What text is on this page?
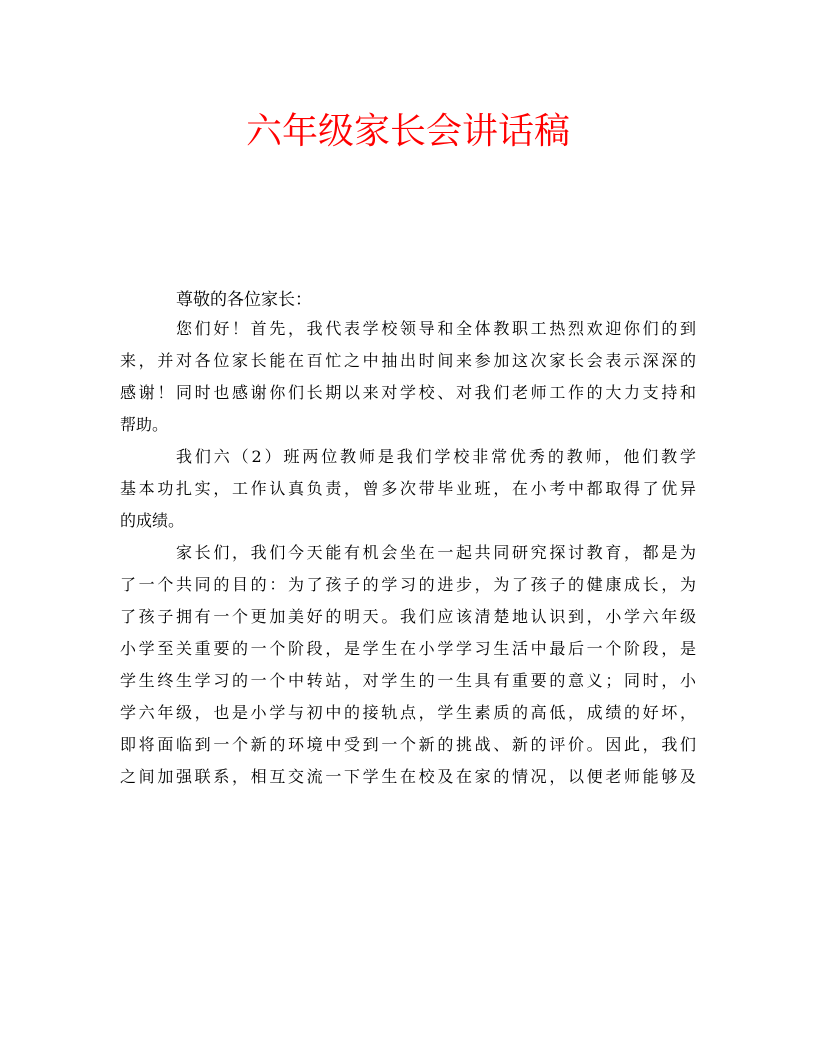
六年级家长会讲话稿

尊敬的各位家长：

您们好！首先，我代表学校领导和全体教职工热烈欢迎你们的到
来，并对各位家长能在百忙之中抽出时间来参加这次家长会表示深深的
感谢！同时也感谢你们长期以来对学校、对我们老师工作的大力支持和
帮助。
我们六（2）班两位教师是我们学校非常优秀的教师，他们教学
基本功扎实，工作认真负责，曾多次带毕业班，在小考中都取得了优异
的成绩。
家长们，我们今天能有机会坐在一起共同研究探讨教育，都是为
了一个共同的目的：为了孩子的学习的进步，为了孩子的健康成长，为
了孩子拥有一个更加美好的明天。我们应该清楚地认识到，小学六年级
小学至关重要的一个阶段，是学生在小学学习生活中最后一个阶段，是
学生终生学习的一个中转站，对学生的一生具有重要的意义；同时，小
学六年级，也是小学与初中的接轨点，学生素质的高低，成绩的好坏，
即将面临到一个新的环境中受到一个新的挑战、新的评价。因此，我们
之间加强联系，相互交流一下学生在校及在家的情况，以便老师能够及
